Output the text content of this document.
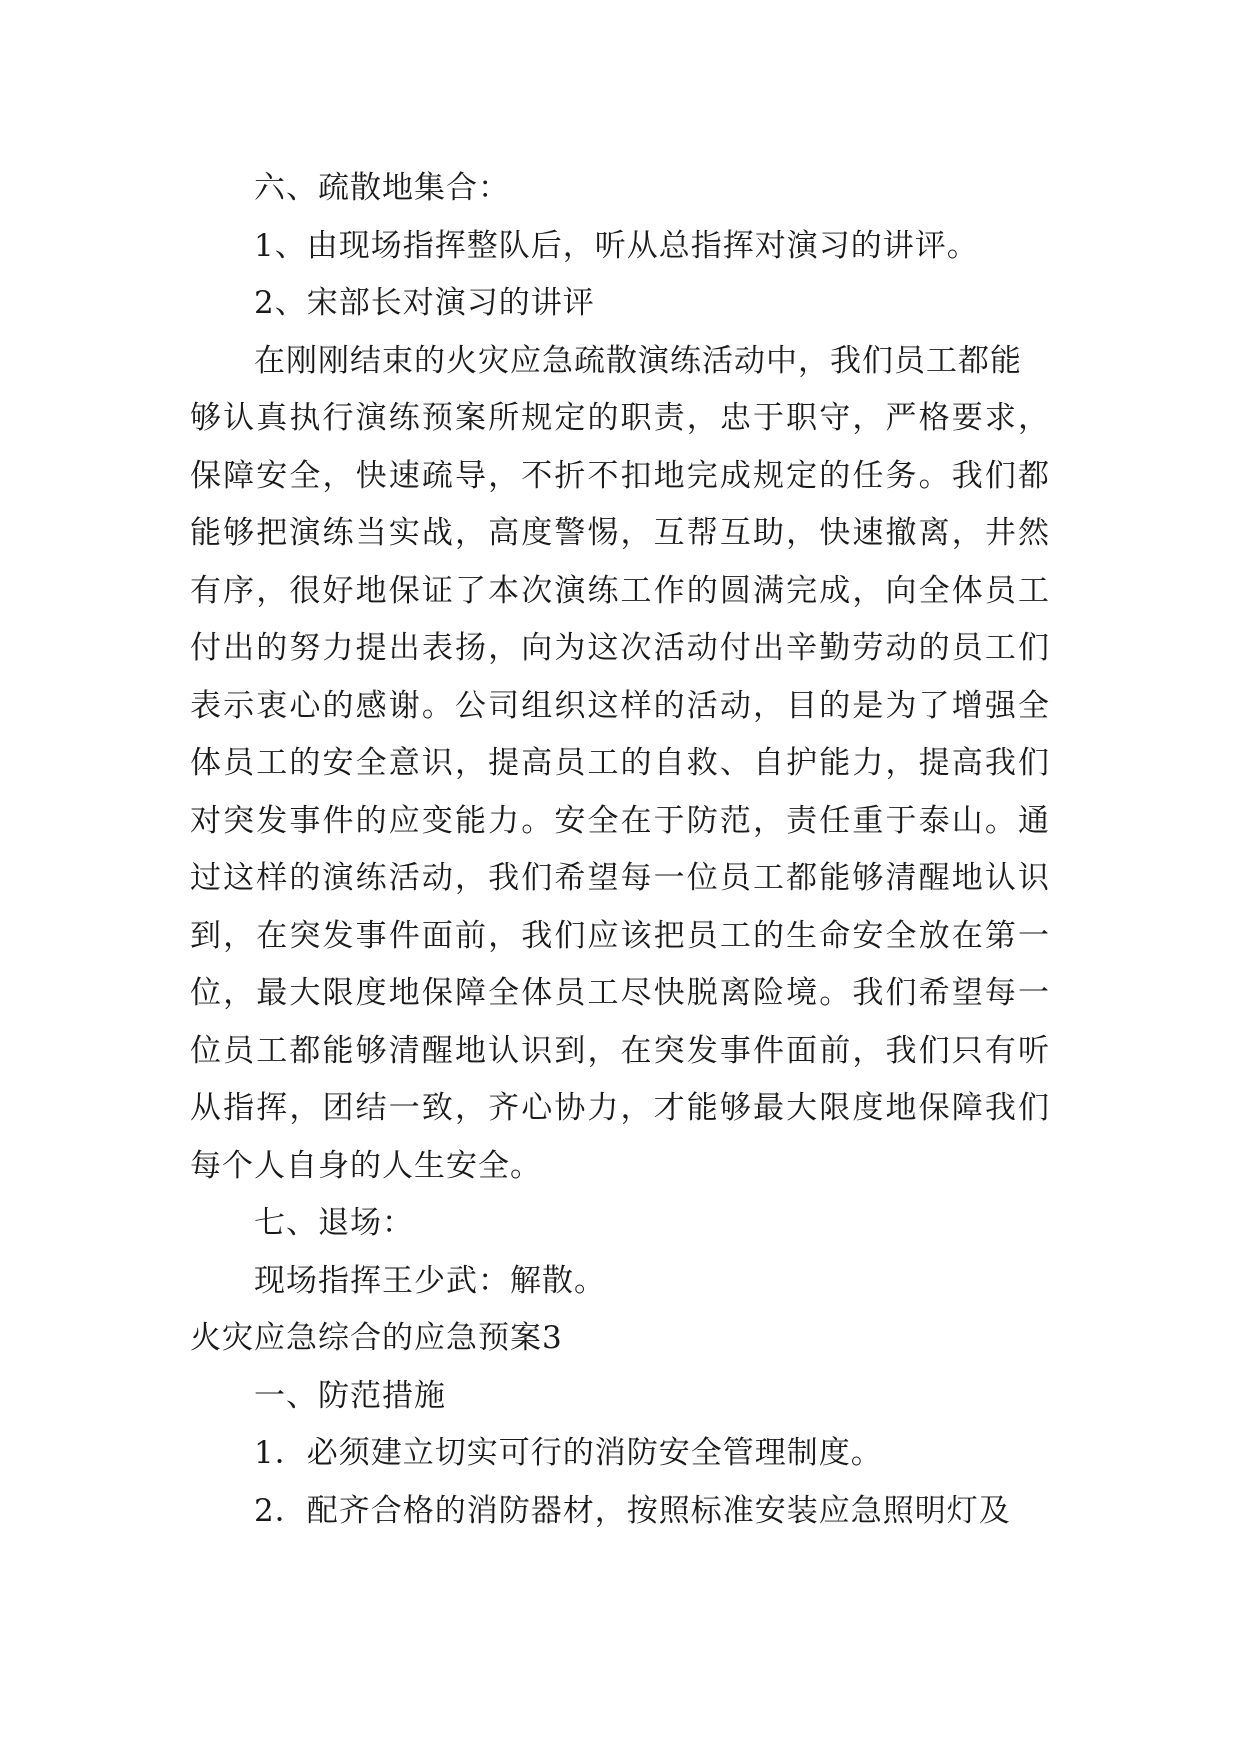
六、疏散地集合：

1、由现场指挥整队后，听从总指挥对演习的讲评。

2、宋部长对演习的讲评

在刚刚结束的火灾应急疏散演练活动中，我们员工都能

够认真执行演练预案所规定的职责，忠于职守，严格要求，

保障安全，快速疏导，不折不扣地完成规定的任务。我们都

能够把演练当实战，高度警惕，互帮互助，快速撤离，井然

有序，很好地保证了本次演练工作的圆满完成，向全体员工

付出的努力提出表扬，向为这次活动付出辛勤劳动的员工们

表示衷心的感谢。公司组织这样的活动，目的是为了增强全

体员工的安全意识，提高员工的自救、自护能力，提高我们

对突发事件的应变能力。安全在于防范，责任重于泰山。通

过这样的演练活动，我们希望每一位员工都能够清醒地认识

到，在突发事件面前，我们应该把员工的生命安全放在第一

位，最大限度地保障全体员工尽快脱离险境。我们希望每一

位员工都能够清醒地认识到，在突发事件面前，我们只有听

从指挥，团结一致，齐心协力，才能够最大限度地保障我们

每个人自身的人生安全。

七、退场：

现场指挥王少武：解散。

火灾应急综合的应急预案3

一、防范措施

1．必须建立切实可行的消防安全管理制度。

2．配齐合格的消防器材，按照标准安装应急照明灯及
